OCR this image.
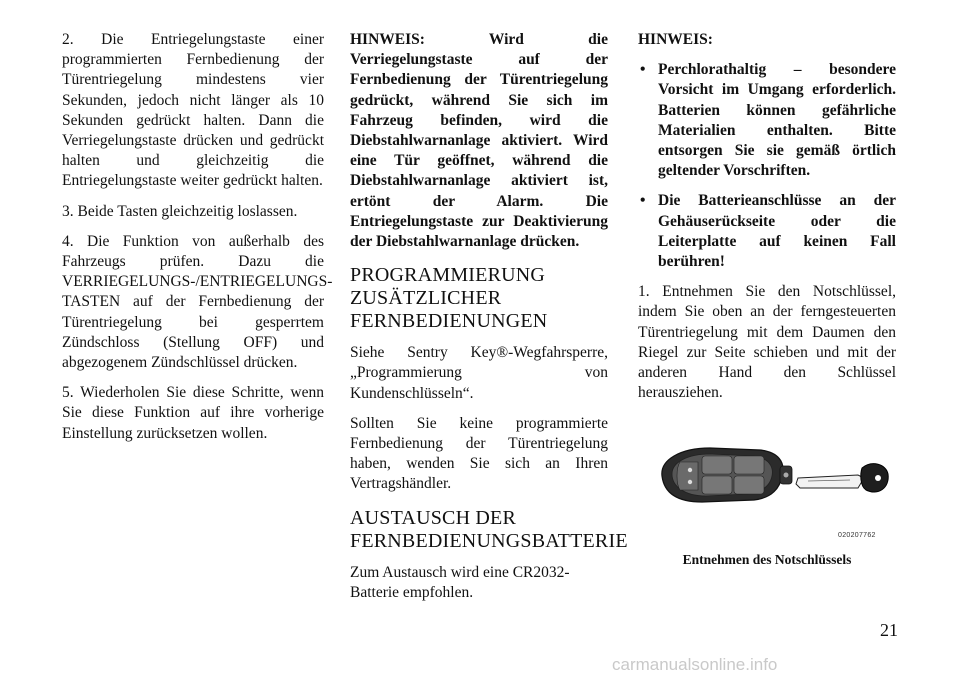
2. Die Entriegelungstaste einer programmierten Fernbedienung der Türentriegelung mindestens vier Sekunden, jedoch nicht länger als 10 Sekunden gedrückt halten. Dann die Verriegelungstaste drücken und gedrückt halten und gleichzeitig die Entriegelungstaste weiter gedrückt halten.

3. Beide Tasten gleichzeitig loslassen.

4. Die Funktion von außerhalb des Fahrzeugs prüfen. Dazu die VERRIEGELUNGS-/ENTRIEGELUNGS-TASTEN auf der Fernbedienung der Türentriegelung bei gesperrtem Zündschloss (Stellung OFF) und abgezogenem Zündschlüssel drücken.

5. Wiederholen Sie diese Schritte, wenn Sie diese Funktion auf ihre vorherige Einstellung zurücksetzen wollen.

HINWEIS: Wird die Verriegelungstaste auf der Fernbedienung der Türentriegelung gedrückt, während Sie sich im Fahrzeug befinden, wird die Diebstahlwarnanlage aktiviert. Wird eine Tür geöffnet, während die Diebstahlwarnanlage aktiviert ist, ertönt der Alarm. Die Entriegelungstaste zur Deaktivierung der Diebstahlwarnanlage drücken.

PROGRAMMIERUNG ZUSÄTZLICHER FERNBEDIENUNGEN

Siehe Sentry Key®-Wegfahrsperre, „Programmierung von Kundenschlüsseln“.

Sollten Sie keine programmierte Fernbedienung der Türentriegelung haben, wenden Sie sich an Ihren Vertragshändler.

AUSTAUSCH DER FERNBEDIENUNGSBATTERIE

Zum Austausch wird eine CR2032-Batterie empfohlen.

HINWEIS:

• Perchlorathaltig – besondere Vorsicht im Umgang erforderlich. Batterien können gefährliche Materialien enthalten. Bitte entsorgen Sie sie gemäß örtlich geltender Vorschriften.
• Die Batterieanschlüsse an der Gehäuserückseite oder die Leiterplatte auf keinen Fall berühren!

1. Entnehmen Sie den Notschlüssel, indem Sie oben an der ferngesteuerten Türentriegelung mit dem Daumen den Riegel zur Seite schieben und mit der anderen Hand den Schlüssel herausziehen.

020207762
Entnehmen des Notschlüssels
21
carmanualsonline.info
